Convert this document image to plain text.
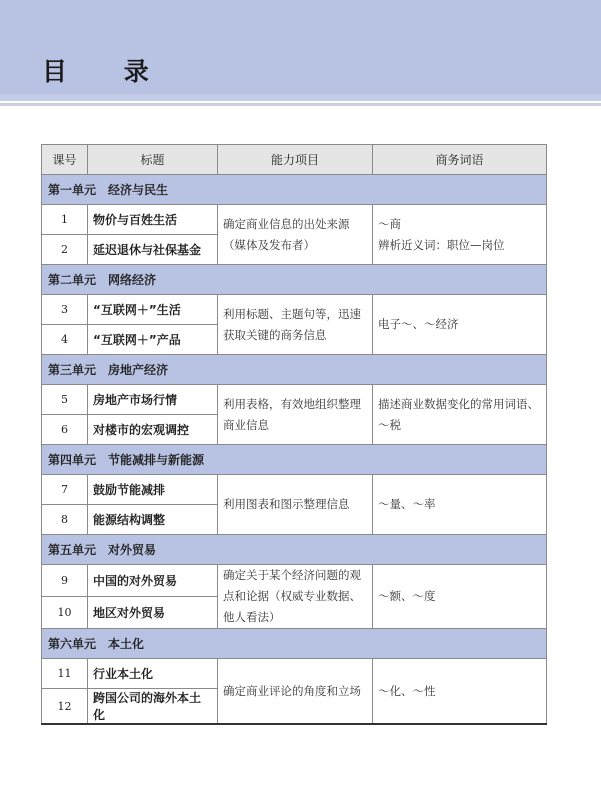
目 录
课号	标题	能力项目	商务词语
第一单元 经济与民生			
1	物价与百姓生活	确定商业信息的出处来源（媒体及发布者）	～商
辨析近义词：职位—岗位
2	延迟退休与社保基金		
第二单元 网络经济			
3	“互联网＋”生活	利用标题、主题句等，迅速获取关键的商务信息	电子～、～经济
4	“互联网＋”产品		
第三单元 房地产经济			
5	房地产市场行情	利用表格，有效地组织整理商业信息	描述商业数据变化的常用词语、～税
6	对楼市的宏观调控		
第四单元 节能减排与新能源			
7	鼓励节能减排	利用图表和图示整理信息	～量、～率
8	能源结构调整		
第五单元 对外贸易			
9	中国的对外贸易	确定关于某个经济问题的观点和论据（权威专业数据、他人看法）	～额、～度
10	地区对外贸易		
第六单元 本土化			
11	行业本土化	确定商业评论的角度和立场	～化、～性
12	跨国公司的海外本土化		
